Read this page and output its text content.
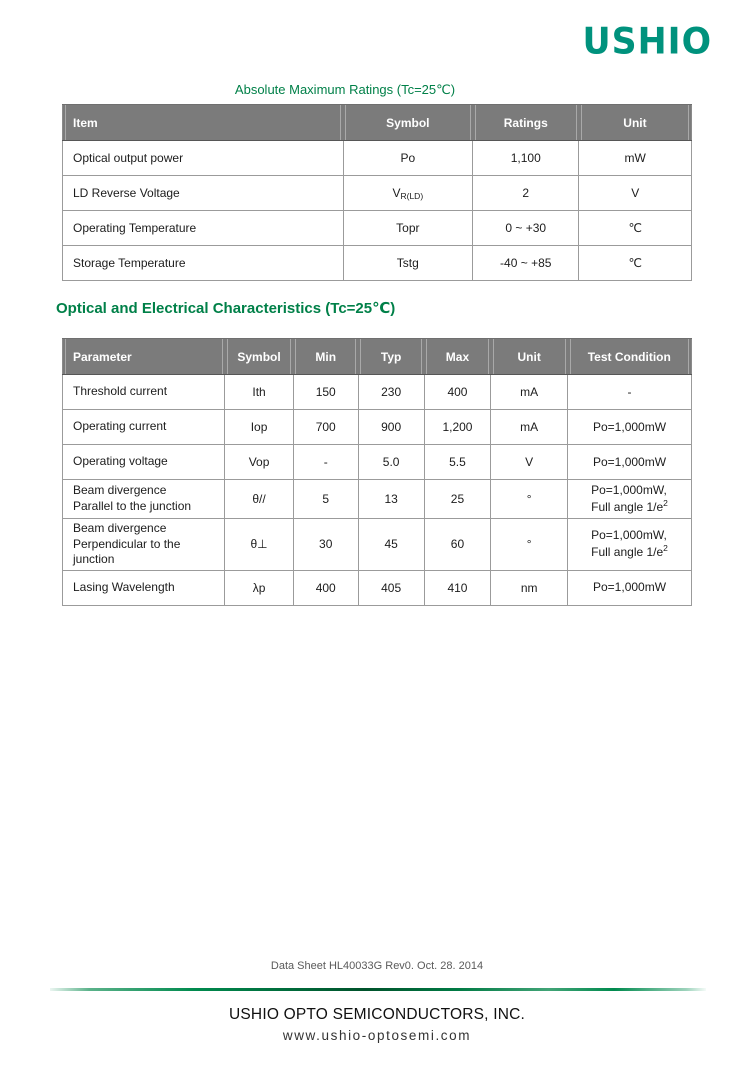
USHIO
Absolute Maximum Ratings (Tc=25℃)
Item	Symbol	Ratings	Unit
Optical output power	Po	1,100	mW
LD Reverse Voltage	$V_{R(LD)}$	2	V
Operating Temperature	Topr	0 ~ +30	℃
Storage Temperature	Tstg	-40 ~ +85	℃
Optical and Electrical Characteristics (Tc=25℃)
Parameter	Symbol	Min	Typ	Max	Unit	Test Condition

Threshold current	Ith	150	230	400	mA	-

Operating current	Iop	700	900	1,200	mA	Po=1,000mW

Operating voltage	Vop	-	5.0	5.5	V	Po=1,000mW

Beam divergence
Parallel to the junction	θ//	5	13	25	°	Po=1,000mW,
Full angle $1/e^2$

Beam divergence
Perpendicular to the junction
	θ⊥	30	45	60	°	Po=1,000mW,
Full angle $1/e^2$

Lasing Wavelength	λp	400	405	410	nm	Po=1,000mW
Data Sheet HL40033G Rev0. Oct. 28. 2014
USHIO OPTO SEMICONDUCTORS, INC.
www.ushio-optosemi.com
